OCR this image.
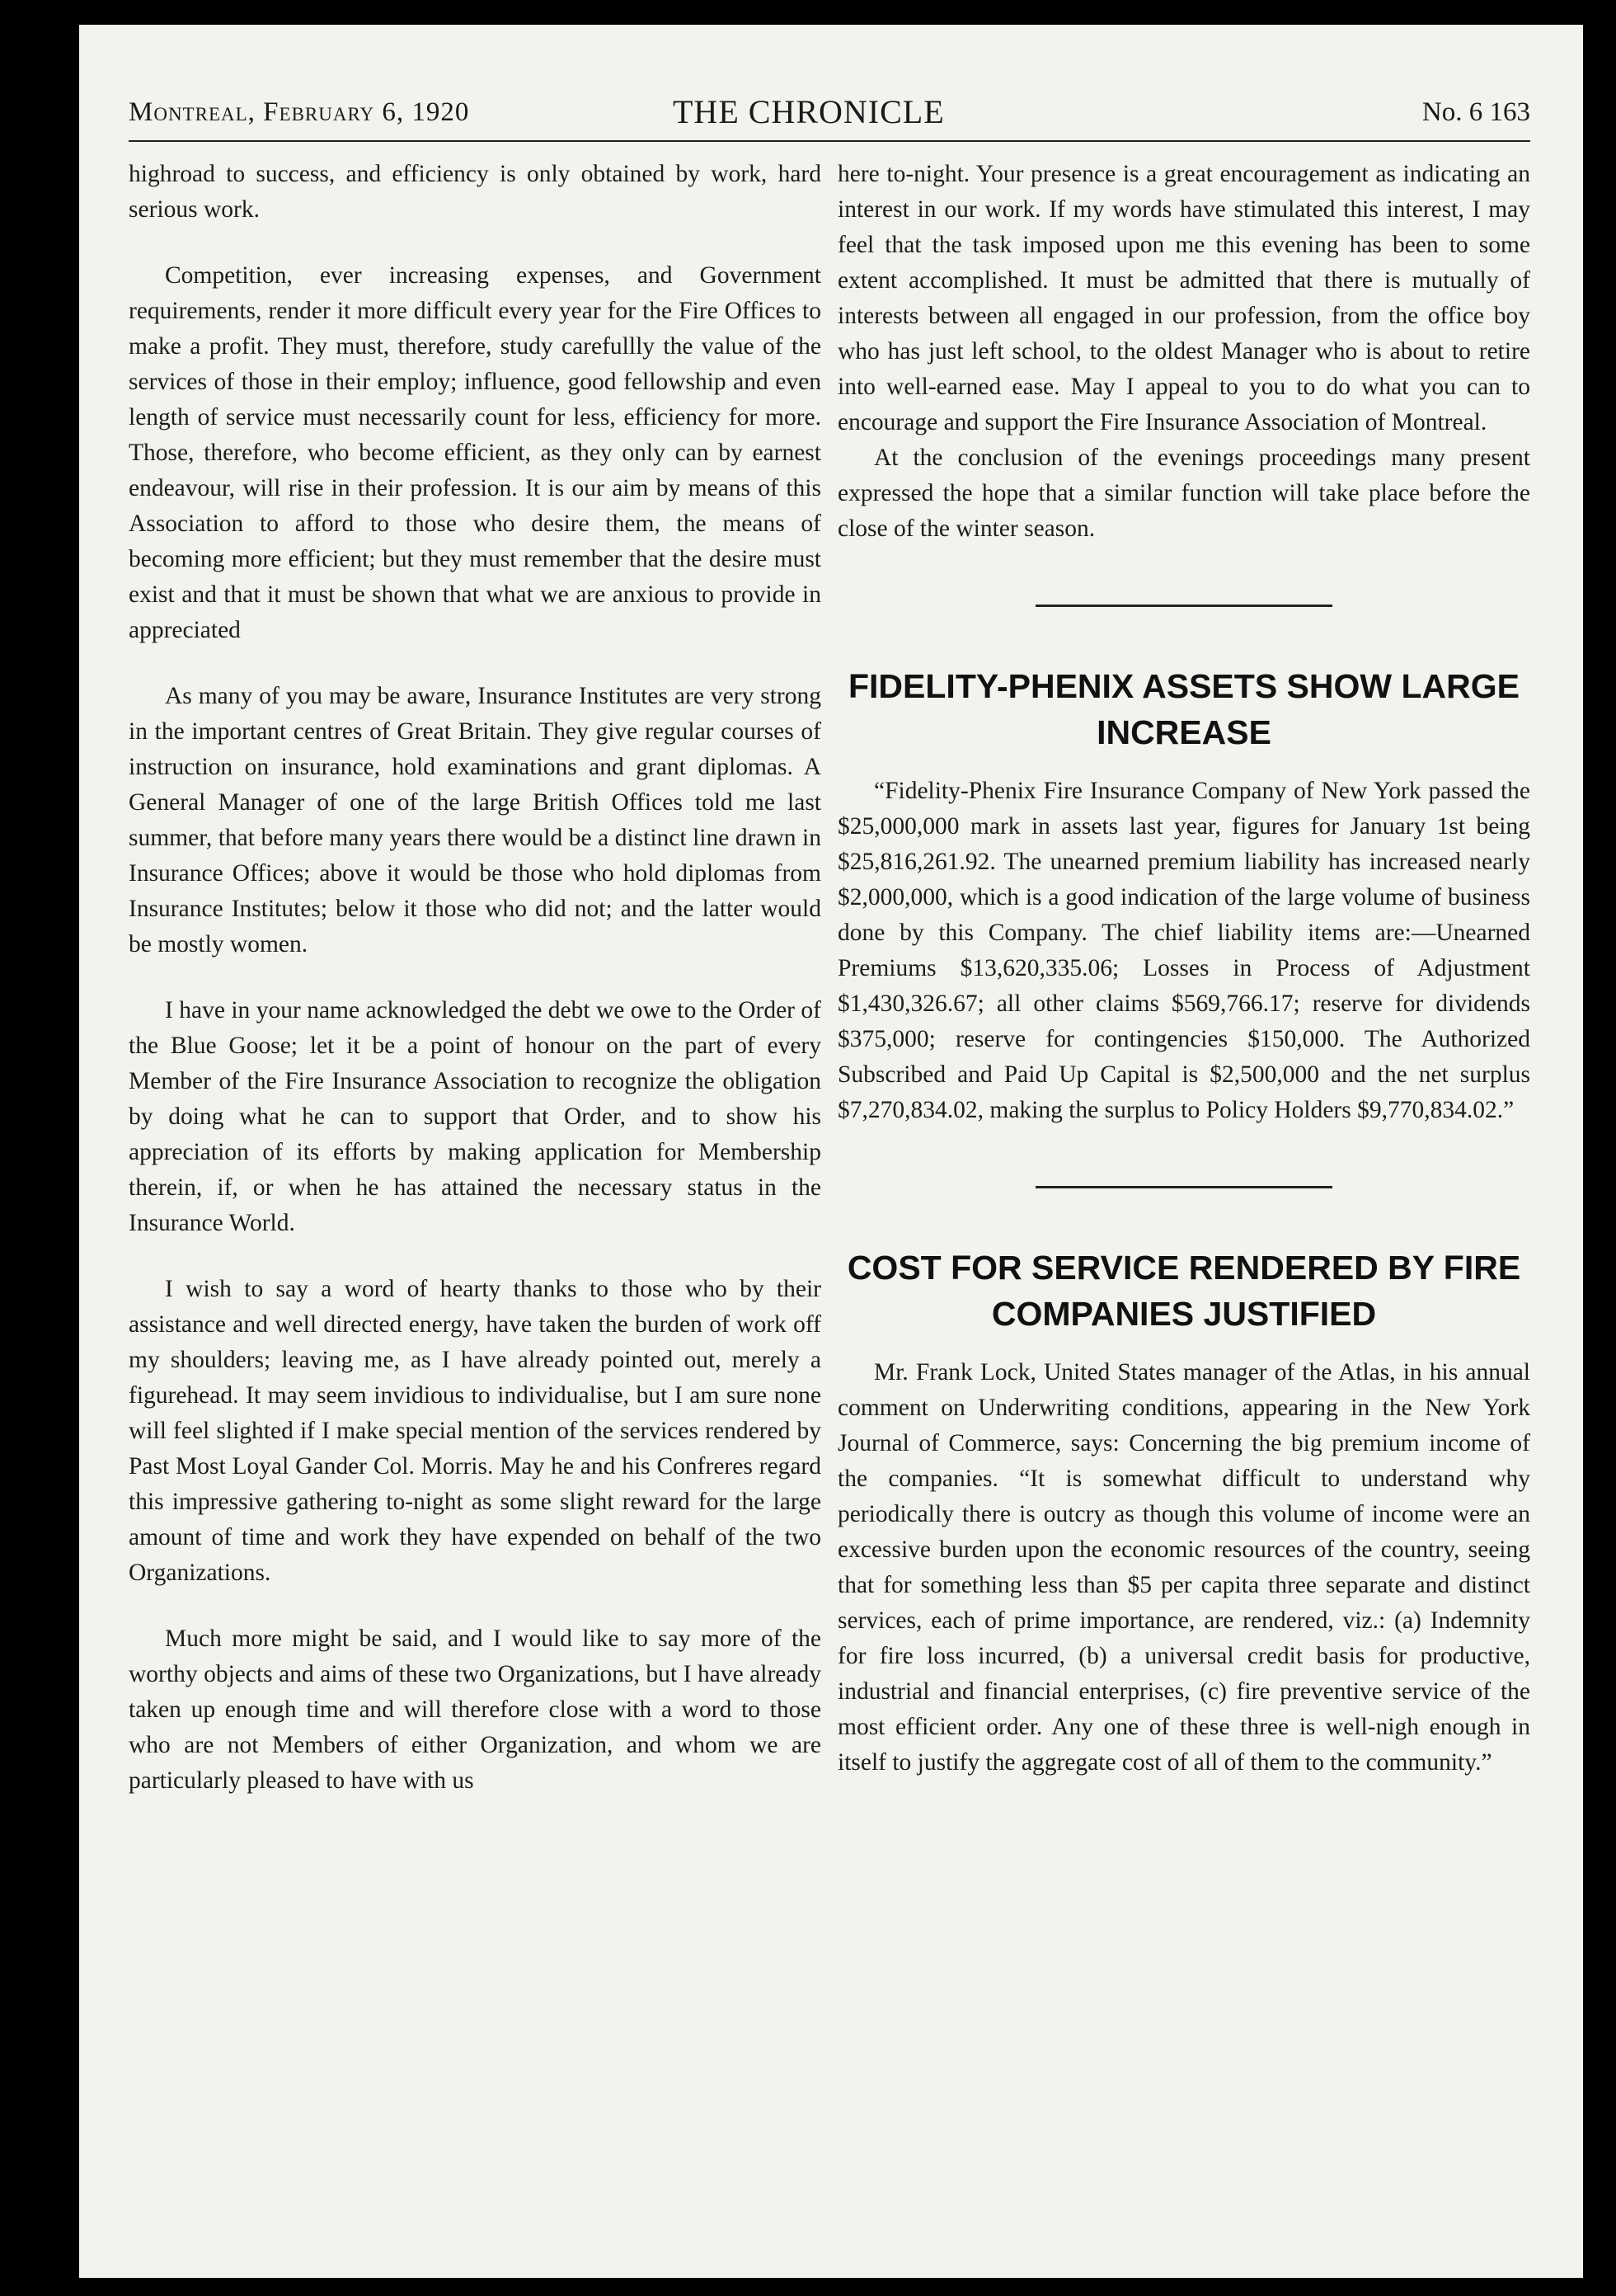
Montreal, February 6, 1920	THE CHRONICLE	No. 6 163

highroad to success, and efficiency is only obtained by work, hard serious work.

Competition, ever increasing expenses, and Government requirements, render it more difficult every year for the Fire Offices to make a profit. They must, therefore, study carefullly the value of the services of those in their employ; influence, good fellowship and even length of service must necessarily count for less, efficiency for more. Those, therefore, who become efficient, as they only can by earnest endeavour, will rise in their profession. It is our aim by means of this Association to afford to those who desire them, the means of becoming more efficient; but they must remember that the desire must exist and that it must be shown that what we are anxious to provide in appreciated

As many of you may be aware, Insurance Institutes are very strong in the important centres of Great Britain. They give regular courses of instruction on insurance, hold examinations and grant diplomas. A General Manager of one of the large British Offices told me last summer, that before many years there would be a distinct line drawn in Insurance Offices; above it would be those who hold diplomas from Insurance Institutes; below it those who did not; and the latter would be mostly women.

I have in your name acknowledged the debt we owe to the Order of the Blue Goose; let it be a point of honour on the part of every Member of the Fire Insurance Association to recognize the obligation by doing what he can to support that Order, and to show his appreciation of its efforts by making application for Membership therein, if, or when he has attained the necessary status in the Insurance World.

I wish to say a word of hearty thanks to those who by their assistance and well directed energy, have taken the burden of work off my shoulders; leaving me, as I have already pointed out, merely a figurehead. It may seem invidious to individualise, but I am sure none will feel slighted if I make special mention of the services rendered by Past Most Loyal Gander Col. Morris. May he and his Confreres regard this impressive gathering to-night as some slight reward for the large amount of time and work they have expended on behalf of the two Organizations.

Much more might be said, and I would like to say more of the worthy objects and aims of these two Organizations, but I have already taken up enough time and will therefore close with a word to those who are not Members of either Organization, and whom we are particularly pleased to have with us

here to-night. Your presence is a great encouragement as indicating an interest in our work. If my words have stimulated this interest, I may feel that the task imposed upon me this evening has been to some extent accomplished. It must be admitted that there is mutually of interests between all engaged in our profession, from the office boy who has just left school, to the oldest Manager who is about to retire into well-earned ease. May I appeal to you to do what you can to encourage and support the Fire Insurance Association of Montreal.

At the conclusion of the evenings proceedings many present expressed the hope that a similar function will take place before the close of the winter season.

FIDELITY-PHENIX ASSETS SHOW LARGE INCREASE

“Fidelity-Phenix Fire Insurance Company of New York passed the $25,000,000 mark in assets last year, figures for January 1st being $25,816,261.92. The unearned premium liability has increased nearly $2,000,000, which is a good indication of the large volume of business done by this Company. The chief liability items are:—Unearned Premiums $13,620,335.06; Losses in Process of Adjustment $1,430,326.67; all other claims $569,766.17; reserve for dividends $375,000; reserve for contingencies $150,000. The Authorized Subscribed and Paid Up Capital is $2,500,000 and the net surplus $7,270,834.02, making the surplus to Policy Holders $9,770,834.02.”

COST FOR SERVICE RENDERED BY FIRE COMPANIES JUSTIFIED

Mr. Frank Lock, United States manager of the Atlas, in his annual comment on Underwriting conditions, appearing in the New York Journal of Commerce, says: Concerning the big premium income of the companies. “It is somewhat difficult to understand why periodically there is outcry as though this volume of income were an excessive burden upon the economic resources of the country, seeing that for something less than $5 per capita three separate and distinct services, each of prime importance, are rendered, viz.: (a) Indemnity for fire loss incurred, (b) a universal credit basis for productive, industrial and financial enterprises, (c) fire preventive service of the most efficient order. Any one of these three is well-nigh enough in itself to justify the aggregate cost of all of them to the community.”
